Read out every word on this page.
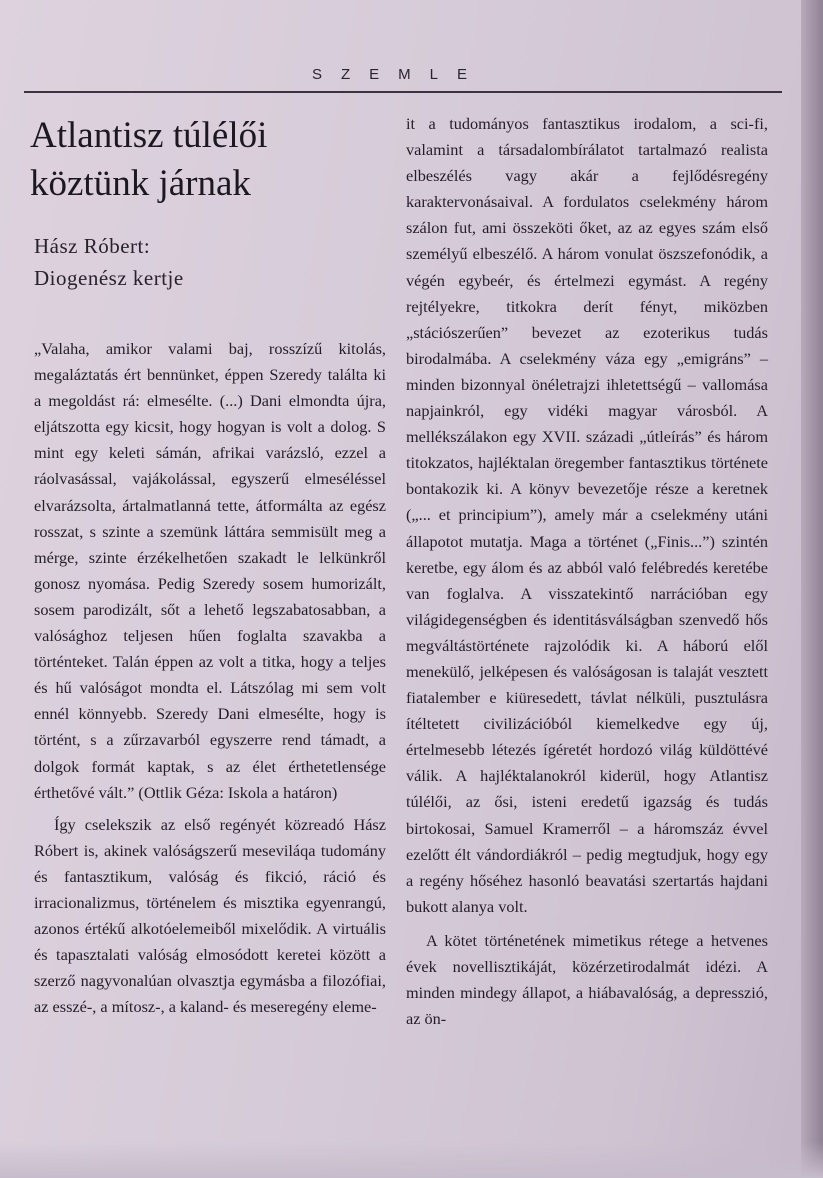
SZEMLE
Atlantisz túlélői köztünk járnak
Hász Róbert:
Diogenész kertje

„Valaha, amikor valami baj, rosszízű kitolás, megaláztatás ért bennünket, éppen Szeredy találta ki a megoldást rá: elmesélte. (...) Dani elmondta újra, eljátszotta egy kicsit, hogy hogyan is volt a dolog. S mint egy keleti sámán, afrikai varázsló, ezzel a ráolvasással, vajákolással, egyszerű elmeséléssel elvarázsolta, ártalmatlanná tette, átformálta az egész rosszat, s szinte a szemünk láttára semmisült meg a mérge, szinte érzékelhetően szakadt le lelkünkről gonosz nyomása. Pedig Szeredy sosem humorizált, sosem parodizált, sőt a lehető legszabatosabban, a valósághoz teljesen hűen foglalta szavakba a történteket. Talán éppen az volt a titka, hogy a teljes és hű valóságot mondta el. Látszólag mi sem volt ennél könnyebb. Szeredy Dani elmesélte, hogy is történt, s a zűrzavarból egyszerre rend támadt, a dolgok formát kaptak, s az élet érthetetlensége érthetővé vált.” (Ottlik Géza: Iskola a határon)

Így cselekszik az első regényét közreadó Hász Róbert is, akinek valóságszerű meseviláqa tudomány és fantasztikum, valóság és fikció, ráció és irracionalizmus, történelem és misztika egyenrangú, azonos értékű alkotóelemeiből mixelődik. A virtuális és tapasztalati valóság elmosódott keretei között a szerző nagyvonalúan olvasztja egymásba a filozófiai, az esszé-, a mítosz-, a kaland- és meseregény eleme-

it a tudományos fantasztikus irodalom, a sci-fi, valamint a társadalombírálatot tartalmazó realista elbeszélés vagy akár a fejlődésregény karaktervonásaival. A fordulatos cselekmény három szálon fut, ami összeköti őket, az az egyes szám első személyű elbeszélő. A három vonulat öszszefonódik, a végén egybeér, és értelmezi egymást. A regény rejtélyekre, titkokra derít fényt, miközben „stációszerűen” bevezet az ezoterikus tudás birodalmába. A cselekmény váza egy „emigráns” – minden bizonnyal önéletrajzi ihletettségű – vallomása napjainkról, egy vidéki magyar városból. A mellékszálakon egy XVII. századi „útleírás” és három titokzatos, hajléktalan öregember fantasztikus története bontakozik ki. A könyv bevezetője része a keretnek („... et principium”), amely már a cselekmény utáni állapotot mutatja. Maga a történet („Finis...”) szintén keretbe, egy álom és az abból való felébredés keretébe van foglalva. A visszatekintő narrációban egy világidegenségben és identitásválságban szenvedő hős megváltástörténete rajzolódik ki. A háború elől menekülő, jelképesen és valóságosan is talaját vesztett fiatalember e kiüresedett, távlat nélküli, pusztulásra ítéltetett civilizációból kiemelkedve egy új, értelmesebb létezés ígéretét hordozó világ küldöttévé válik. A hajléktalanokról kiderül, hogy Atlantisz túlélői, az ősi, isteni eredetű igazság és tudás birtokosai, Samuel Kramerről – a háromszáz évvel ezelőtt élt vándordiákról – pedig megtudjuk, hogy egy a regény hőséhez hasonló beavatási szertartás hajdani bukott alanya volt.

A kötet történetének mimetikus rétege a hetvenes évek novellisztikáját, közérzetirodalmát idézi. A minden mindegy állapot, a hiábavalóság, a depresszió, az ön-
